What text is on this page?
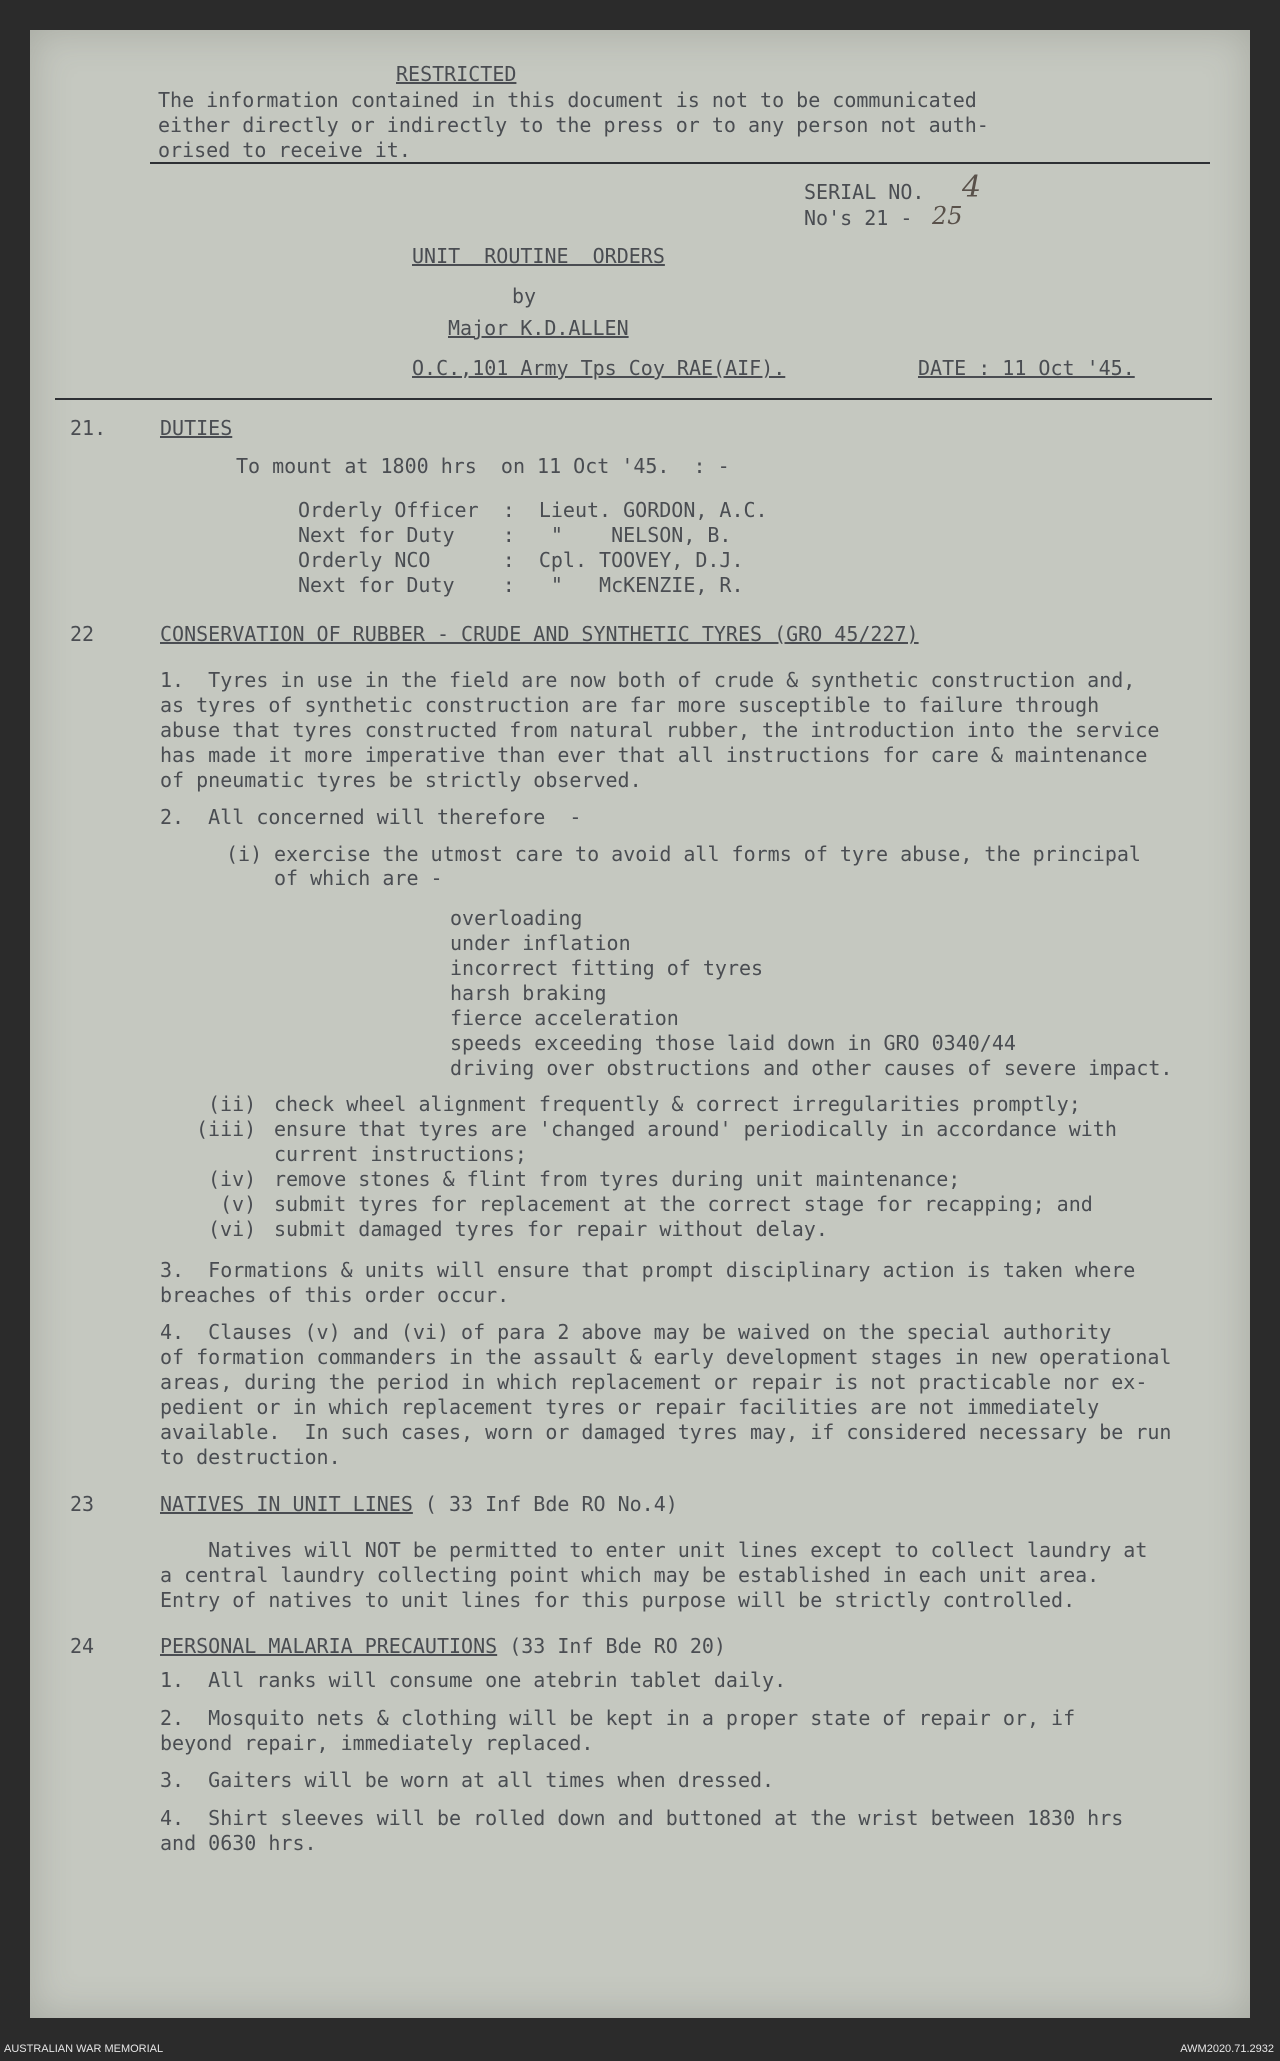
RESTRICTED
The information contained in this document is not to be communicated
either directly or indirectly to the press or to any person not auth-
orised to receive it.
SERIAL NO. 4
No's 21 - 25
UNIT  ROUTINE  ORDERS
by
Major K.D.ALLEN
O.C.,101 Army Tps Coy RAE(AIF).	DATE : 11 Oct '45.
21.	DUTIES
To mount at 1800 hrs  on 11 Oct '45.  : -
Orderly Officer  :  Lieut. GORDON, A.C.
Next for Duty    :   "    NELSON, B.
Orderly NCO      :  Cpl. TOOVEY, D.J.
Next for Duty    :   "   McKENZIE, R.
22	CONSERVATION OF RUBBER - CRUDE AND SYNTHETIC TYRES (GRO 45/227)
1.  Tyres in use in the field are now both of crude & synthetic construction and,
as tyres of synthetic construction are far more susceptible to failure through
abuse that tyres constructed from natural rubber, the introduction into the service
has made it more imperative than ever that all instructions for care & maintenance
of pneumatic tyres be strictly observed.
2.  All concerned will therefore  -
(i) exercise the utmost care to avoid all forms of tyre abuse, the principal
of which are -
overloading
under inflation
incorrect fitting of tyres
harsh braking
fierce acceleration
speeds exceeding those laid down in GRO 0340/44
driving over obstructions and other causes of severe impact.
(ii) check wheel alignment frequently & correct irregularities promptly;
(iii) ensure that tyres are 'changed around' periodically in accordance with
current instructions;
(iv) remove stones & flint from tyres during unit maintenance;
(v) submit tyres for replacement at the correct stage for recapping; and
(vi) submit damaged tyres for repair without delay.
3.  Formations & units will ensure that prompt disciplinary action is taken where
breaches of this order occur.
4.  Clauses (v) and (vi) of para 2 above may be waived on the special authority
of formation commanders in the assault & early development stages in new operational
areas, during the period in which replacement or repair is not practicable nor ex-
pedient or in which replacement tyres or repair facilities are not immediately
available.  In such cases, worn or damaged tyres may, if considered necessary be run
to destruction.
23	NATIVES IN UNIT LINES ( 33 Inf Bde RO No.4)
Natives will NOT be permitted to enter unit lines except to collect laundry at
a central laundry collecting point which may be established in each unit area.
Entry of natives to unit lines for this purpose will be strictly controlled.
24	PERSONAL MALARIA PRECAUTIONS (33 Inf Bde RO 20)
1.  All ranks will consume one atebrin tablet daily.
2.  Mosquito nets & clothing will be kept in a proper state of repair or, if
beyond repair, immediately replaced.
3.  Gaiters will be worn at all times when dressed.
4.  Shirt sleeves will be rolled down and buttoned at the wrist between 1830 hrs
and 0630 hrs.
AUSTRALIAN WAR MEMORIAL	AWM2020.71.2932
